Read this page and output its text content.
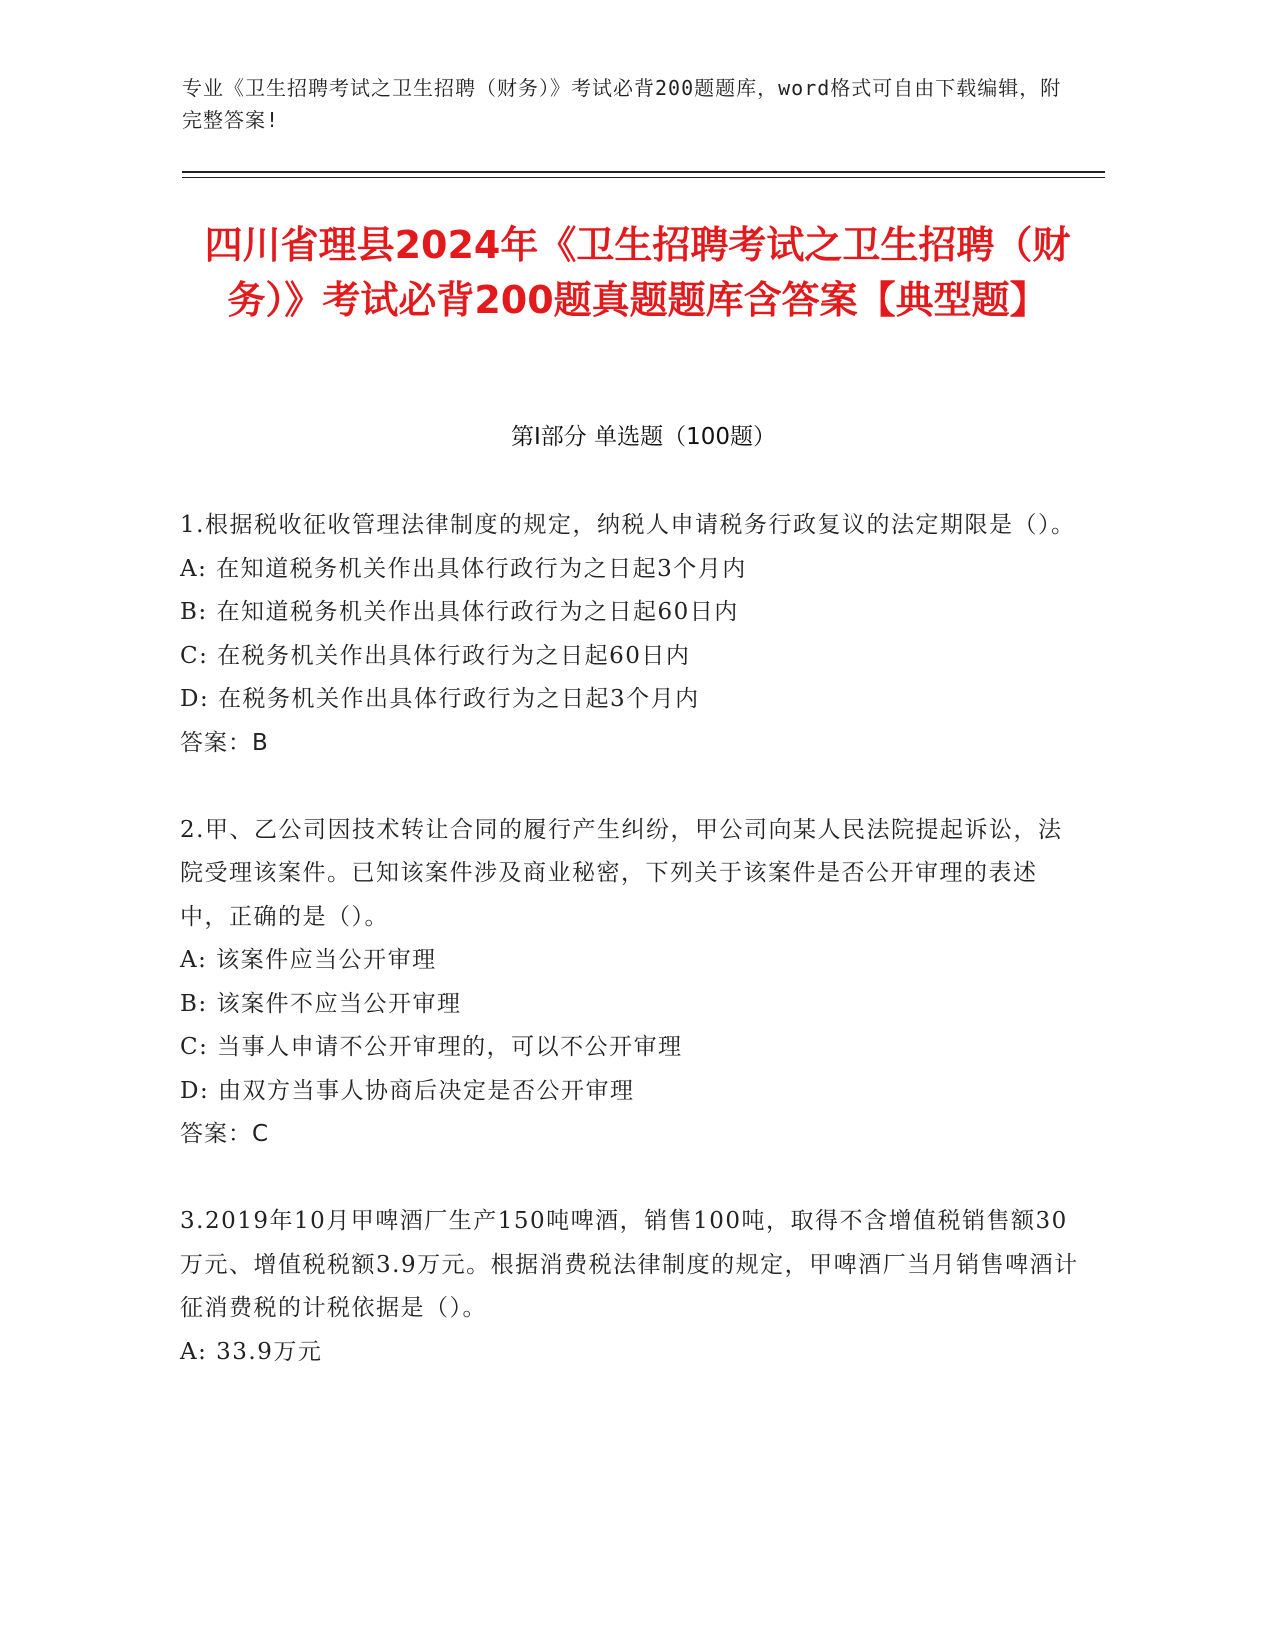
专业《卫生招聘考试之卫生招聘（财务）》考试必背200题题库，word格式可自由下载编辑，附完整答案!
四川省理县2024年《卫生招聘考试之卫生招聘（财务）》考试必背200题真题题库含答案【典型题】
第I部分 单选题（100题）

1.根据税收征收管理法律制度的规定，纳税人申请税务行政复议的法定期限是（）。

A: 在知道税务机关作出具体行政行为之日起3个月内

B: 在知道税务机关作出具体行政行为之日起60日内

C: 在税务机关作出具体行政行为之日起60日内

D: 在税务机关作出具体行政行为之日起3个月内

答案：B

2.甲、乙公司因技术转让合同的履行产生纠纷，甲公司向某人民法院提起诉讼，法院受理该案件。已知该案件涉及商业秘密，下列关于该案件是否公开审理的表述中，正确的是（）。

A: 该案件应当公开审理

B: 该案件不应当公开审理

C: 当事人申请不公开审理的，可以不公开审理

D: 由双方当事人协商后决定是否公开审理

答案：C

3.2019年10月甲啤酒厂生产150吨啤酒，销售100吨，取得不含增值税销售额30万元、增值税税额3.9万元。根据消费税法律制度的规定，甲啤酒厂当月销售啤酒计征消费税的计税依据是（）。

A: 33.9万元
